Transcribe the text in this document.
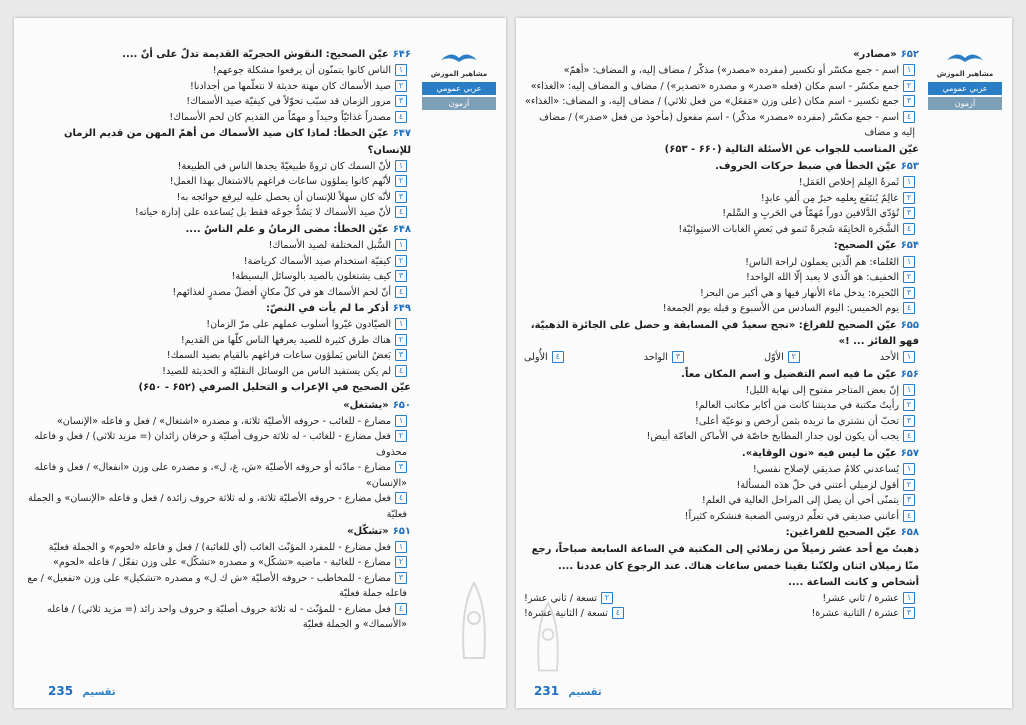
مشاهیر الموزش
عربي عمومي
آزمون
۶۴۶عيّن الصحيح: النقوش الحجريّة القديمة تدلّ على أنّ ....
١الناس كانوا يتمنّون أن يرفعوا مشكلة جوعهم!
٢صيد الأسماك كان مهنة حديثة لا نتعلّمها من أجدادنا!
٣مرور الزمان قد سبّب تحوّلاً في كيفيّة صيد الأسماك!
٤مصدراً غذائيّاً وحيداً و مهمّاً من القديم كان لحم الأسماك!
۶۴۷عيّن الخطأ: لماذا كان صيد الأسماك من أهمّ المهن من قديم الزمان للإنسان؟
١لأنّ السمك كان ثروةً طبيعيّةً يجدها الناس في الطبيعة!
٢لأنّهم كانوا يملؤون ساعات فراغهم بالاشتغال بهذا العمل!
٣لأنّه كان سهلاً للإنسان أن يحصل عليه ليرفع حوائجه به!
٤لأنّ صيد الأسماك لا يَسُدُّ جوعَه فقط بل يُساعده على إدارة حياته!
۶۴۸عيّن الخطأ: مضى الزمانُ و علم الناسُ ....
١السُّبل المختلفة لصيد الأسماك!
٢كيفيّة استخدام صيد الأسماك كرياضة!
٣كيف يشتغلون بالصيد بالوسائل البسيطة!
٤أنّ لحم الأسماك هو في كلّ مكانٍ أفضلُ مصدرٍ لغذائهم!
۶۴۹أذكر ما لم يأت في النصّ:
١الصيّادون غيّروا أسلوب عملهم على مرّ الزمان!
٢هناك طرق كثيرة للصيد يعرفها الناس كلّها من القديم!
٣بَعضُ الناس يَملؤون ساعات فراغهم بالقيام بصيد السمك!
٤لم يكن يستفيد الناس من الوسائل النقليّة و الحديثة للصيد!
عيّن الصحيح في الإعراب و التحليل الصرفي (۶۵۲ - ۶۵۰)
۶۵۰«يشتغل»
١مضارع - للغائب - حروفه الأصليّة ثلاثة، و مصدره «اشتغال» / فعل و فاعله «الإنسان»
٢فعل مضارع - للغائب - له ثلاثة حروف أصليّة و حرفان زائدان (= مزيد ثلاثي) / فعل و فاعله محذوف
٣مضارع - مادّته أو حروفه الأصليّة «ش، غ، ل»، و مصدره على وزن «انفعال» / فعل و فاعله «الإنسان»
٤فعل مضارع - حروفه الأصليّة ثلاثة، و له ثلاثة حروف زائدة / فعل و فاعله «الإنسان» و الجملة فعليّة
۶۵۱«تشكّل»
١فعل مضارع - للمفرد المؤنّث الغائب (أي للغائبة) / فعل و فاعله «لحوم» و الجملة فعليّة
٢مضارع - للغائبة - ماضيه «تشكّل» و مصدره «تشكّل» على وزن تفعّل / فاعله «لحوم»
٣مضارع - للمخاطب - حروفه الأصليّة «ش ك ل» و مصدره «تشكيل» على وزن «تفعيل» / مع فاعله جملة فعليّة
٤فعل مضارع - للمؤنّث - له ثلاثة حروف أصليّة و حروف واحد زائد (= مزيد ثلاثي) / فاعله «الأسماك» و الجملة فعليّة
تقسيم 235
مشاهیر الموزش
عربي عمومي
آزمون
۶۵۲«مصادر»
١اسم - جمع مكسّر أو تكسير (مفرده «مصدر») مذكّر / مضاف إليه، و المضاف: «أهمّ»
٢جمع مكسّر - اسم مكان (فعله «صدر» و مصدره «تصدير») / مضاف و المضاف إليه: «الغذاء»
٣جمع تكسير - اسم مكان (على وزن «مَفعَل» من فعل ثلاثي) / مضاف إليه، و المضاف: «الغذاء»
٤اسم - جمع مكسّر (مفرده «مصدر» مذكّر) - اسم مفعول (مأخوذ من فعل «صدر») / مضاف إليه و مضاف
عيّن المناسب للجواب عن الأسئلة التالية (۶۶۰ - ۶۵۳)
۶۵۳عيّن الخطأ في ضبط حركات الحروف.
١ثَمرةُ العِلم إخلاص العَمَل!
٢عالِمٌ يُنتَفَع بِعلمِه خيرٌ مِن أَلفِ عابدٍ!
٣تُؤدّي الدَّلافين دوراً مُهمّاً في الحَربِ و السِّلم!
٤الشَّجَرة الخانِقَة شَجرةٌ تَنمو في بَعضِ الغابات الاستِوائيّة!
۶۵۴عيّن الصحيح:
١العُلماء: هم الّذين يعملون لراحة الناس!
٢الخفيف: هو الّذي لا يعبد إلّا الله الواحد!
٣البُحيرة: يدخل ماء الأنهار فيها و هي أكبر من البحر!
٤يوم الخميس: اليوم السادس من الأسبوع و قبله يوم الجمعة!
۶۵۵عيّن الصحيح للفراغ: «نجح سعيدٌ في المسابقة و حصل على الجائزة الذهبيّة، فهو الفائز ... !»
١الأحد
٢الأوّل
٣الواحد
٤الأُولى
۶۵۶عيّن ما فيه اسم التفضيل و اسم المكان معاً.
١إنّ بعض المتاجر مفتوح إلى نهاية الليل!
٢رأيتُ مكتبة في مدينتنا كانت من أكابر مكاتب العالم!
٣تحبّ أن نشتري ما تريده بثمن أرخص و نوعيّة أعلى!
٤يجب أن يكون لون جدار المطابخ خاصّة في الأماكن العامّة أبيض!
۶۵۷عيّن ما ليس فيه «نون الوقاية».
١يُساعدني كلامُ صديقي لإصلاح نفسي!
٢أقول لزميلي أعتني في حلّ هذه المسألة!
٣يتمنّى أخي أن يصل إلى المراحل العالية في العلم!
٤أعانني صديقي في تعلّم دروسي الصعبة فنشكره كثيراً!
۶۵۸عيّن الصحيح للفراغين:
ذهبتُ مع أحد عشر زميلاً من زملائي إلى المكتبة في الساعة السابعة صباحاً، رجع منّا زميلان اثنان ولكنّنا بقينا خمس ساعات هناك. عند الرجوع كان عددنا .... أشخاص و كانت الساعة ....
١عشرة / ثاني عشر!
٢تسعة / ثاني عشر!
٣عشرة / الثانية عشرة!
٤تسعة / الثانية عشرة!
تقسيم 231
